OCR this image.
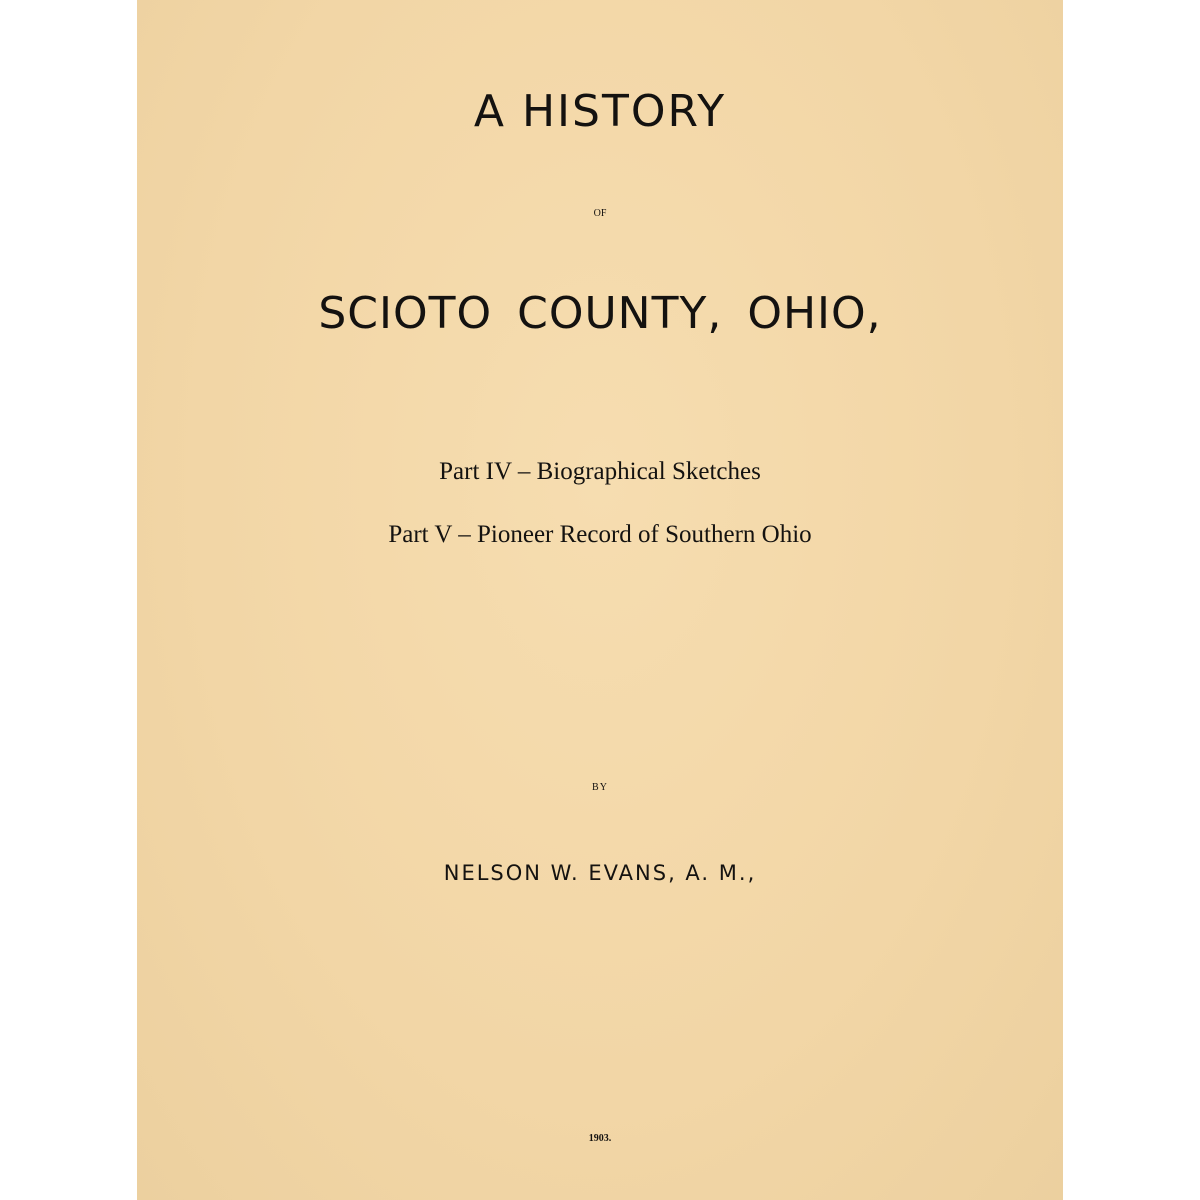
A HISTORY
OF
SCIOTO COUNTY, OHIO,
Part IV – Biographical Sketches
Part V – Pioneer Record of Southern Ohio
BY
NELSON W. EVANS, A. M.,
1903.
